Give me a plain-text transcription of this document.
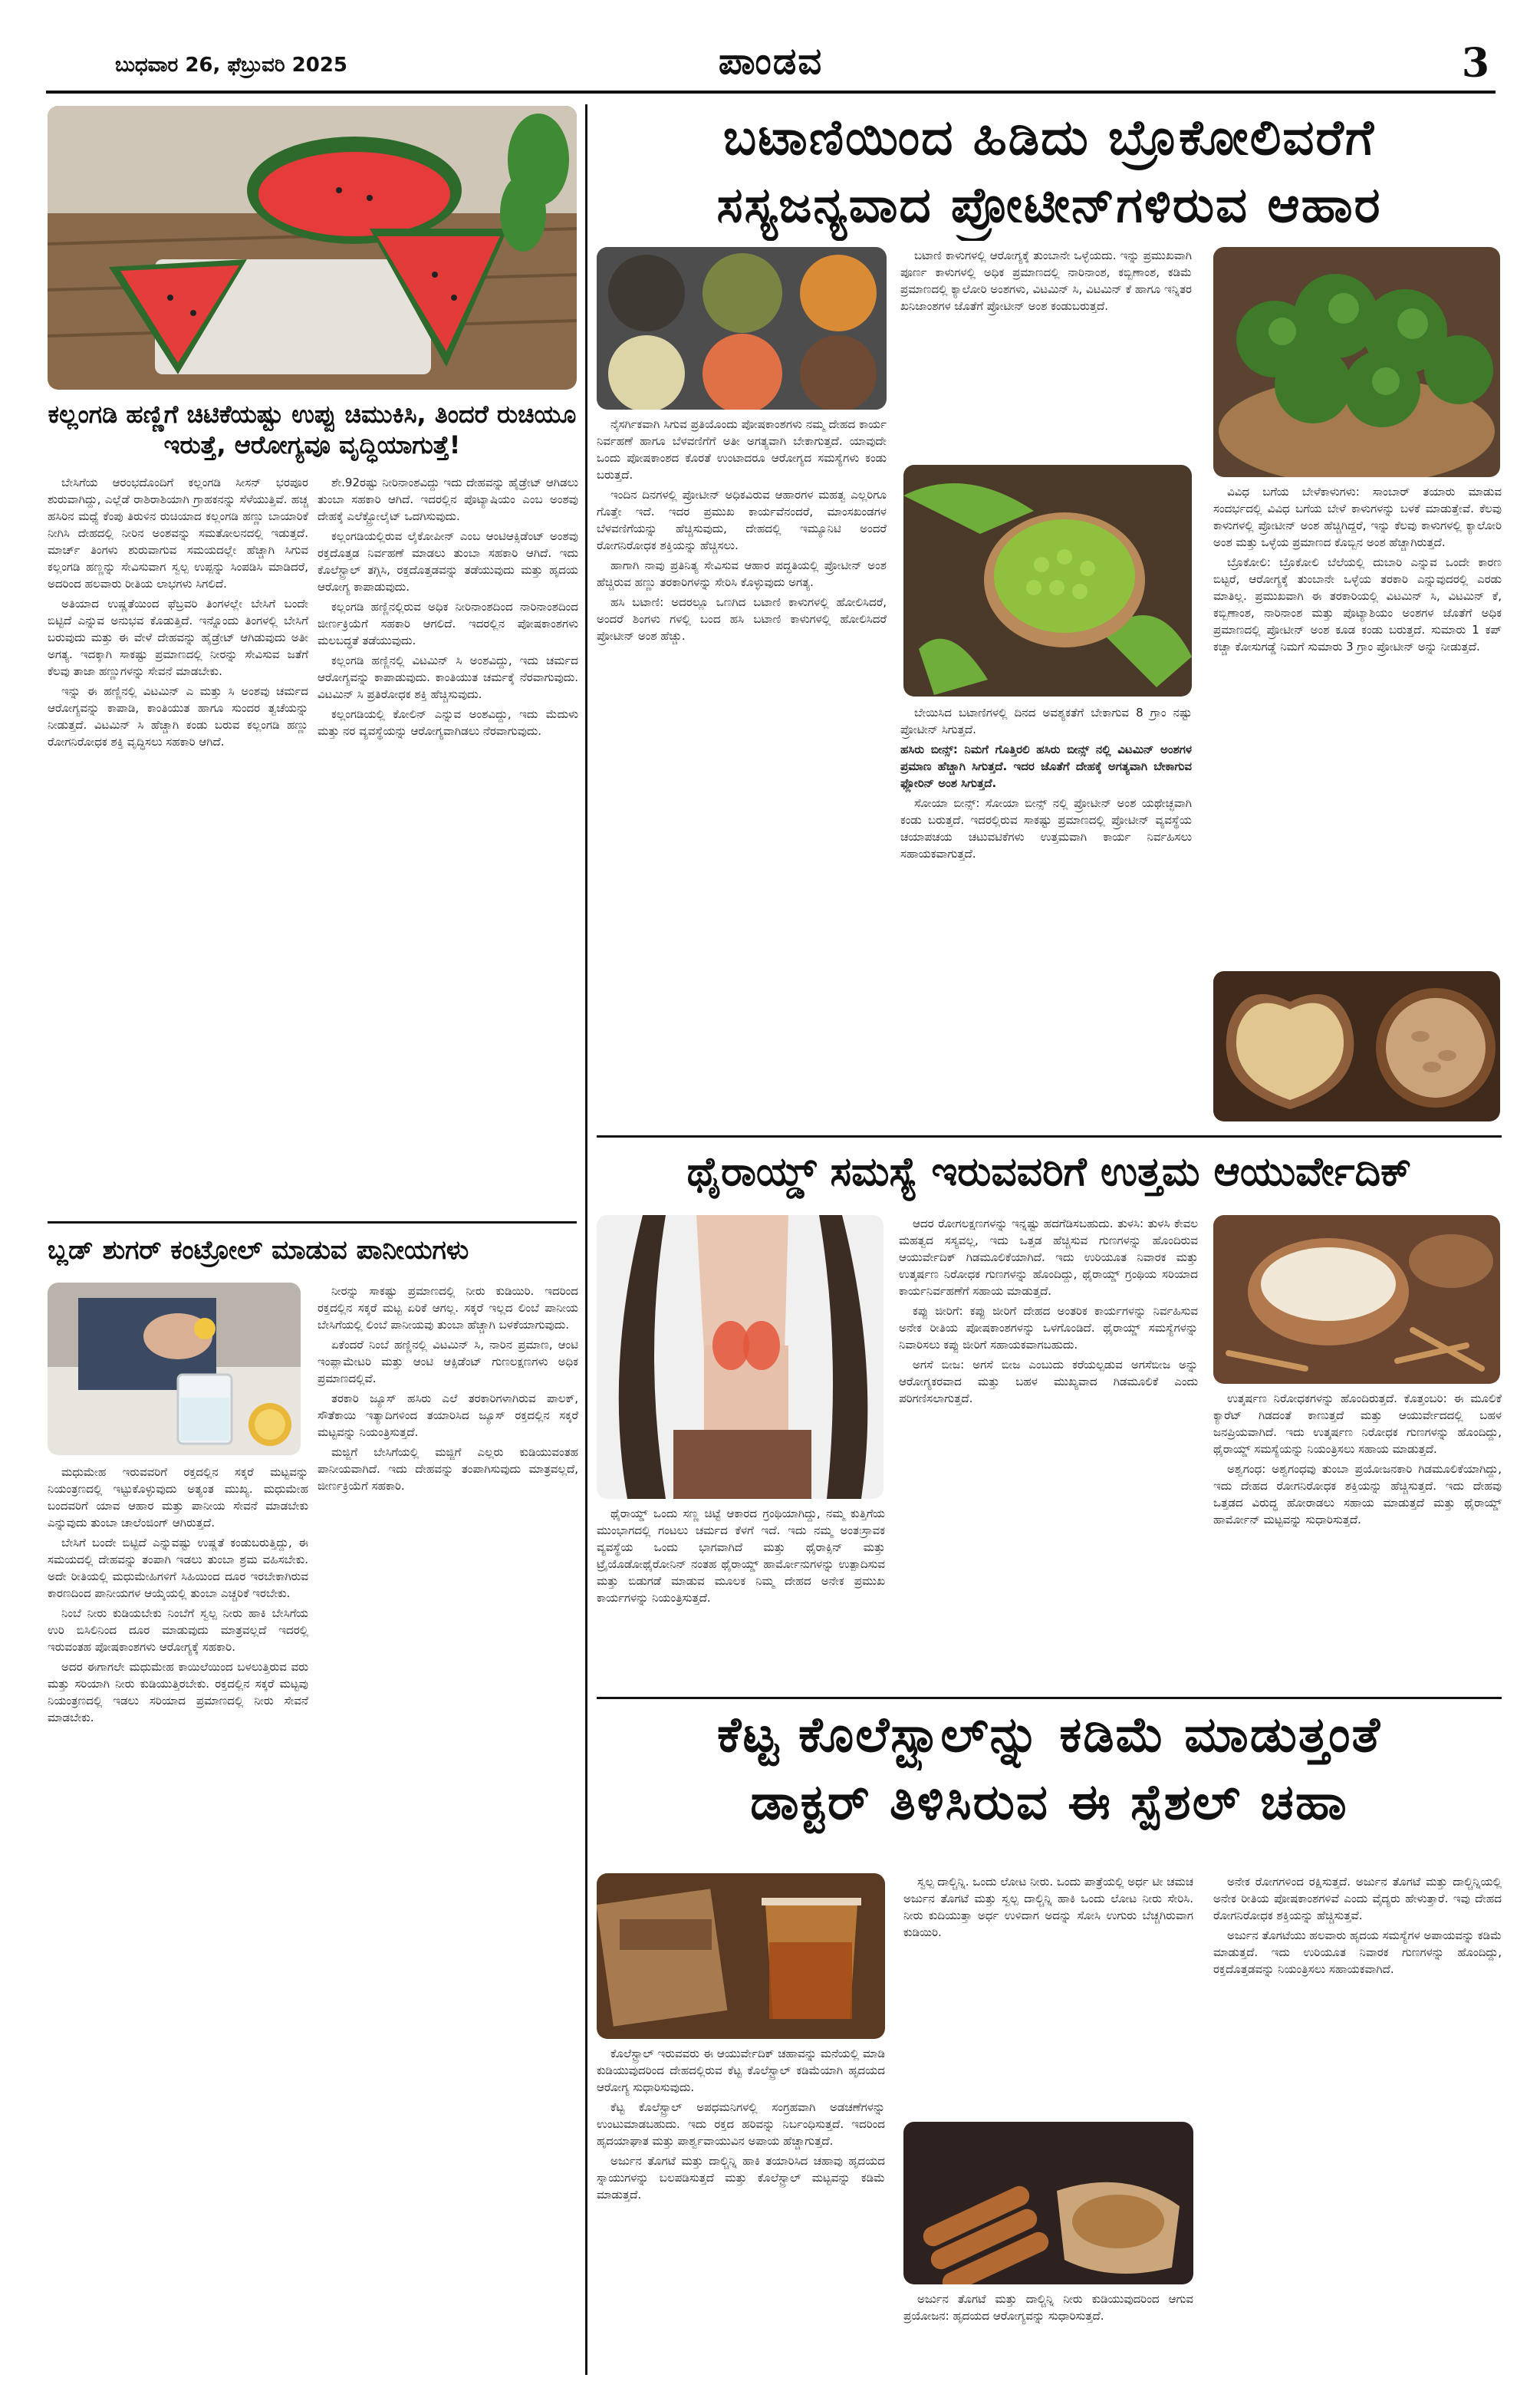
ಬುಧವಾರ 26, ಫೆಬ್ರುವರಿ 2025	ಪಾಂಡವ	3
ಕಲ್ಲಂಗಡಿ ಹಣ್ಣಿಗೆ ಚಿಟಿಕೆಯಷ್ಟು ಉಪ್ಪು ಚಿಮುಕಿಸಿ, ತಿಂದರೆ ರುಚಿಯೂ ಇರುತ್ತೆ, ಆರೋಗ್ಯವೂ ವೃದ್ಧಿಯಾಗುತ್ತೆ!

ಬೇಸಿಗೆಯ ಆರಂಭದೊಂದಿಗೆ ಕಲ್ಲಂಗಡಿ ಸೀಸನ್ ಭರಪೂರ ಶುರುವಾಗಿದ್ದು, ಎಲ್ಲೆಡೆ ರಾಶಿರಾಶಿಯಾಗಿ ಗ್ರಾಹಕನನ್ನು ಸೆಳೆಯುತ್ತಿವೆ. ಹಚ್ಚ ಹಸಿರಿನ ಮಧ್ಯೆ ಕೆಂಪು ತಿರುಳಿನ ರುಚಿಯಾದ ಕಲ್ಲಂಗಡಿ ಹಣ್ಣು ಬಾಯಾರಿಕೆ ನೀಗಿಸಿ ದೇಹದಲ್ಲಿ ನೀರಿನ ಅಂಶವನ್ನು ಸಮತೋಲನದಲ್ಲಿ ಇಡುತ್ತದೆ. ಮಾರ್ಚ್ ತಿಂಗಳು ಶುರುವಾಗುವ ಸಮಯದಲ್ಲೇ ಹೆಚ್ಚಾಗಿ ಸಿಗುವ ಕಲ್ಲಂಗಡಿ ಹಣ್ಣನ್ನು ಸೇವಿಸುವಾಗ ಸ್ವಲ್ಪ ಉಪ್ಪನ್ನು ಸಿಂಪಡಿಸಿ ಮಾಡಿದರೆ, ಅದರಿಂದ ಹಲವಾರು ರೀತಿಯ ಲಾಭಗಳು ಸಿಗಲಿದೆ.

ಅತಿಯಾದ ಉಷ್ಣತೆಯಿಂದ ಫೆಬ್ರವರಿ ತಿಂಗಳಲ್ಲೇ ಬೇಸಿಗೆ ಬಂದೇ ಬಿಟ್ಟಿದೆ ಎನ್ನುವ ಅನುಭವ ಕೊಡುತ್ತಿದೆ. ಇನ್ನೊಂದು ತಿಂಗಳಲ್ಲಿ ಬೇಸಿಗೆ ಬರುವುದು ಮತ್ತು ಈ ವೇಳೆ ದೇಹವನ್ನು ಹೈಡ್ರೇಟ್ ಆಗಿಡುವುದು ಅತೀ ಅಗತ್ಯ. ಇದಕ್ಕಾಗಿ ಸಾಕಷ್ಟು ಪ್ರಮಾಣದಲ್ಲಿ ನೀರನ್ನು ಸೇವಿಸುವ ಜತೆಗೆ ಕೆಲವು ತಾಜಾ ಹಣ್ಣುಗಳನ್ನು ಸೇವನೆ ಮಾಡಬೇಕು.

ಇನ್ನು ಈ ಹಣ್ಣಿನಲ್ಲಿ ವಿಟಮಿನ್ ಎ ಮತ್ತು ಸಿ ಅಂಶವು ಚರ್ಮದ ಆರೋಗ್ಯವನ್ನು ಕಾಪಾಡಿ, ಕಾಂತಿಯುತ ಹಾಗೂ ಸುಂದರ ತ್ವಚೆಯನ್ನು ನೀಡುತ್ತದೆ. ವಿಟಮಿನ್ ಸಿ ಹೆಚ್ಚಾಗಿ ಕಂಡು ಬರುವ ಕಲ್ಲಂಗಡಿ ಹಣ್ಣು ರೋಗನಿರೋಧಕ ಶಕ್ತಿ ವೃದ್ಧಿಸಲು ಸಹಕಾರಿ ಆಗಿದೆ.

ಶೇ.92ರಷ್ಟು ನೀರಿನಾಂಶವಿದ್ದು ಇದು ದೇಹವನ್ನು ಹೈಡ್ರೇಟ್ ಆಗಿಡಲು ತುಂಬಾ ಸಹಕಾರಿ ಆಗಿದೆ. ಇದರಲ್ಲಿನ ಪೊಟ್ಯಾಷಿಯಂ ಎಂಬ ಅಂಶವು ದೇಹಕ್ಕೆ ಎಲೆಕ್ಟ್ರೋಲೈಟ್ ಒದಗಿಸುವುದು.

ಕಲ್ಲಂಗಡಿಯಲ್ಲಿರುವ ಲೈಕೋಪೀನ್ ಎಂಬ ಆಂಟಿಆಕ್ಸಿಡೆಂಟ್ ಅಂಶವು ರಕ್ತದೊತ್ತಡ ನಿರ್ವಹಣೆ ಮಾಡಲು ತುಂಬಾ ಸಹಕಾರಿ ಆಗಿದೆ. ಇದು ಕೊಲೆಸ್ಟ್ರಾಲ್ ತಗ್ಗಿಸಿ, ರಕ್ತದೊತ್ತಡವನ್ನು ತಡೆಯುವುದು ಮತ್ತು ಹೃದಯ ಆರೋಗ್ಯ ಕಾಪಾಡುವುದು.

ಕಲ್ಲಂಗಡಿ ಹಣ್ಣಿನಲ್ಲಿರುವ ಅಧಿಕ ನೀರಿನಾಂಶದಿಂದ ನಾರಿನಾಂಶದಿಂದ ಜೀರ್ಣಕ್ರಿಯೆಗೆ ಸಹಕಾರಿ ಆಗಲಿದೆ. ಇದರಲ್ಲಿನ ಪೋಷಕಾಂಶಗಳು ಮಲಬದ್ಧತೆ ತಡೆಯುವುದು.

ಕಲ್ಲಂಗಡಿ ಹಣ್ಣಿನಲ್ಲಿ ವಿಟಮಿನ್ ಸಿ ಅಂಶವಿದ್ದು, ಇದು ಚರ್ಮದ ಆರೋಗ್ಯವನ್ನು ಕಾಪಾಡುವುದು. ಕಾಂತಿಯುತ ಚರ್ಮಕ್ಕೆ ನೆರವಾಗುವುದು. ವಿಟಮಿನ್ ಸಿ ಪ್ರತಿರೋಧಕ ಶಕ್ತಿ ಹೆಚ್ಚಿಸುವುದು.

ಕಲ್ಲಂಗಡಿಯಲ್ಲಿ ಕೋಲಿನ್ ಎನ್ನುವ ಅಂಶವಿದ್ದು, ಇದು ಮೆದುಳು ಮತ್ತು ನರ ವ್ಯವಸ್ಥೆಯನ್ನು ಆರೋಗ್ಯವಾಗಿಡಲು ನೆರವಾಗುವುದು.

ಬ್ಲಡ್ ಶುಗರ್ ಕಂಟ್ರೋಲ್ ಮಾಡುವ ಪಾನೀಯಗಳು

ಮಧುಮೇಹ ಇರುವವರಿಗೆ ರಕ್ತದಲ್ಲಿನ ಸಕ್ಕರೆ ಮಟ್ಟವನ್ನು ನಿಯಂತ್ರಣದಲ್ಲಿ ಇಟ್ಟುಕೊಳ್ಳುವುದು ಅತ್ಯಂತ ಮುಖ್ಯ. ಮಧುಮೇಹ ಬಂದವರಿಗೆ ಯಾವ ಆಹಾರ ಮತ್ತು ಪಾನೀಯ ಸೇವನೆ ಮಾಡಬೇಕು ಎನ್ನುವುದು ತುಂಬಾ ಚಾಲೆಂಜಿಂಗ್ ಆಗಿರುತ್ತದೆ.

ಬೇಸಿಗೆ ಬಂದೇ ಬಿಟ್ಟಿದೆ ಎನ್ನುವಷ್ಟು ಉಷ್ಣತೆ ಕಂಡುಬರುತ್ತಿದ್ದು, ಈ ಸಮಯದಲ್ಲಿ ದೇಹವನ್ನು ತಂಪಾಗಿ ಇಡಲು ತುಂಬಾ ಶ್ರಮ ವಹಿಸಬೇಕು. ಅದೇ ರೀತಿಯಲ್ಲಿ ಮಧುಮೇಹಿಗಳಿಗೆ ಸಿಹಿಯಿಂದ ದೂರ ಇರಬೇಕಾಗಿರುವ ಕಾರಣದಿಂದ ಪಾನೀಯಗಳ ಆಯ್ಕೆಯಲ್ಲಿ ತುಂಬಾ ಎಚ್ಚರಿಕೆ ಇರಬೇಕು.

ನಿಂಬೆ ನೀರು ಕುಡಿಯಬೇಕು ನಿಂಬೆಗೆ ಸ್ವಲ್ಪ ನೀರು ಹಾಕಿ ಬೇಸಿಗೆಯ ಉರಿ ಬಿಸಿಲಿನಿಂದ ದೂರ ಮಾಡುವುದು ಮಾತ್ರವಲ್ಲದೆ ಇದರಲ್ಲಿ ಇರುವಂತಹ ಪೋಷಕಾಂಶಗಳು ಆರೋಗ್ಯಕ್ಕೆ ಸಹಕಾರಿ.

ಅದರ ಈಗಾಗಲೇ ಮಧುಮೇಹ ಕಾಯಿಲೆಯಿಂದ ಬಳಲುತ್ತಿರುವ ವರು ಮತ್ತು ಸರಿಯಾಗಿ ನೀರು ಕುಡಿಯುತ್ತಿರಬೇಕು. ರಕ್ತದಲ್ಲಿನ ಸಕ್ಕರೆ ಮಟ್ಟವು ನಿಯಂತ್ರಣದಲ್ಲಿ ಇಡಲು ಸರಿಯಾದ ಪ್ರಮಾಣದಲ್ಲಿ ನೀರು ಸೇವನೆ ಮಾಡಬೇಕು.

ನೀರನ್ನು ಸಾಕಷ್ಟು ಪ್ರಮಾಣದಲ್ಲಿ ನೀರು ಕುಡಿಯಿರಿ. ಇದರಿಂದ ರಕ್ತದಲ್ಲಿನ ಸಕ್ಕರೆ ಮಟ್ಟ ಏರಿಕೆ ಆಗಲ್ಲ. ಸಕ್ಕರೆ ಇಲ್ಲದ ಲಿಂಬೆ ಪಾನೀಯ ಬೇಸಿಗೆಯಲ್ಲಿ ಲಿಂಬೆ ಪಾನೀಯವು ತುಂಬಾ ಹೆಚ್ಚಾಗಿ ಬಳಕೆಯಾಗುವುದು.

ಏಕೆಂದರೆ ನಿಂಬೆ ಹಣ್ಣಿನಲ್ಲಿ ವಿಟಮಿನ್ ಸಿ, ನಾರಿನ ಪ್ರಮಾಣ, ಆಂಟಿ ಇಂಪ್ಲಾಮೇಟರಿ ಮತ್ತು ಆಂಟಿ ಆಕ್ಸಿಡೆಂಟ್ ಗುಣಲಕ್ಷಣಗಳು ಅಧಿಕ ಪ್ರಮಾಣದಲ್ಲಿವೆ.

ತರಕಾರಿ ಜ್ಯೂಸ್ ಹಸಿರು ಎಲೆ ತರಕಾರಿಗಳಾಗಿರುವ ಪಾಲಕ್, ಸೌತೆಕಾಯಿ ಇತ್ಯಾದಿಗಳಿಂದ ತಯಾರಿಸಿದ ಜ್ಯೂಸ್ ರಕ್ತದಲ್ಲಿನ ಸಕ್ಕರೆ ಮಟ್ಟವನ್ನು ನಿಯಂತ್ರಿಸುತ್ತದೆ.

ಮಜ್ಜಿಗೆ ಬೇಸಿಗೆಯಲ್ಲಿ ಮಜ್ಜಿಗೆ ಎಲ್ಲರು ಕುಡಿಯುವಂತಹ ಪಾನೀಯವಾಗಿದೆ. ಇದು ದೇಹವನ್ನು ತಂಪಾಗಿಸುವುದು ಮಾತ್ರವಲ್ಲದೆ, ಜೀರ್ಣಕ್ರಿಯೆಗೆ ಸಹಕಾರಿ.

ಬಟಾಣಿಯಿಂದ ಹಿಡಿದು ಬ್ರೊಕೋಲಿವರೆಗೆ
ಸಸ್ಯಜನ್ಯವಾದ ಪ್ರೋಟೀನ್‌ಗಳಿರುವ ಆಹಾರ

ನೈಸರ್ಗಿಕವಾಗಿ ಸಿಗುವ ಪ್ರತಿಯೊಂದು ಪೋಷಕಾಂಶಗಳು ನಮ್ಮ ದೇಹದ ಕಾರ್ಯ ನಿರ್ವಹಣೆ ಹಾಗೂ ಬೆಳವಣಿಗೆಗೆ ಅತೀ ಅಗತ್ಯವಾಗಿ ಬೇಕಾಗುತ್ತದೆ. ಯಾವುದೇ ಒಂದು ಪೋಷಕಾಂಶದ ಕೊರತೆ ಉಂಟಾದರೂ ಆರೋಗ್ಯದ ಸಮಸ್ಯೆಗಳು ಕಂಡು ಬರುತ್ತದೆ.

ಇಂದಿನ ದಿನಗಳಲ್ಲಿ ಪ್ರೋಟೀನ್ ಅಧಿಕವಿರುವ ಆಹಾರಗಳ ಮಹತ್ವ ಎಲ್ಲರಿಗೂ ಗೊತ್ತೇ ಇದೆ. ಇದರ ಪ್ರಮುಖ ಕಾರ್ಯವೆನಂದರೆ, ಮಾಂಸಖಂಡಗಳ ಬೆಳವಣಿಗೆಯನ್ನು ಹೆಚ್ಚಿಸುವುದು, ದೇಹದಲ್ಲಿ ಇಮ್ಯೂನಿಟಿ ಅಂದರೆ ರೋಗನಿರೋಧಕ ಶಕ್ತಿಯನ್ನು ಹೆಚ್ಚಿಸಲು.

ಹಾಗಾಗಿ ನಾವು ಪ್ರತಿನಿತ್ಯ ಸೇವಿಸುವ ಆಹಾರ ಪದ್ಧತಿಯಲ್ಲಿ ಪ್ರೋಟೀನ್ ಅಂಶ ಹೆಚ್ಚಿರುವ ಹಣ್ಣು ತರಕಾರಿಗಳನ್ನು ಸೇರಿಸಿ ಕೊಳ್ಳುವುದು ಅಗತ್ಯ.

ಹಸಿ ಬಟಾಣಿ: ಅದರಲ್ಲೂ ಒಣಗಿದ ಬಟಾಣಿ ಕಾಳುಗಳಲ್ಲಿ ಹೋಲಿಸಿದರೆ, ಅಂದರೆ ಶಿಂಗಳು ಗಳಲ್ಲಿ ಬಂದ ಹಸಿ ಬಟಾಣಿ ಕಾಳುಗಳಲ್ಲಿ ಹೋಲಿಸಿದರೆ ಪ್ರೋಟೀನ್ ಅಂಶ ಹೆಚ್ಚು.

ಬಟಾಣಿ ಕಾಳುಗಳಲ್ಲಿ ಆರೋಗ್ಯಕ್ಕೆ ತುಂಬಾನೇ ಒಳ್ಳೆಯದು. ಇನ್ನು ಪ್ರಮುಖವಾಗಿ ಪೂರ್ಣ ಕಾಳುಗಳಲ್ಲಿ ಅಧಿಕ ಪ್ರಮಾಣದಲ್ಲಿ ನಾರಿನಾಂಶ, ಕಬ್ಬಿಣಾಂಶ, ಕಡಿಮೆ ಪ್ರಮಾಣದಲ್ಲಿ ಕ್ಯಾಲೋರಿ ಅಂಶಗಳು, ವಿಟಮಿನ್ ಸಿ, ವಿಟಮಿನ್ ಕೆ ಹಾಗೂ ಇನ್ನಿತರ ಖನಿಜಾಂಶಗಳ ಜೊತೆಗೆ ಪ್ರೋಟೀನ್ ಅಂಶ ಕಂಡುಬರುತ್ತದೆ.

ಬೇಯಿಸಿದ ಬಟಾಣಿಗಳಲ್ಲಿ ದಿನದ ಅವಶ್ಯಕತೆಗೆ ಬೇಕಾಗುವ 8 ಗ್ರಾಂ ನಷ್ಟು ಪ್ರೋಟೀನ್ ಸಿಗುತ್ತದೆ.

ಹಸಿರು ಬೀನ್ಸ್: ನಿಮಗೆ ಗೊತ್ತಿರಲಿ ಹಸಿರು ಬೀನ್ಸ್ ನಲ್ಲಿ ವಿಟಮಿನ್ ಅಂಶಗಳ ಪ್ರಮಾಣ ಹೆಚ್ಚಾಗಿ ಸಿಗುತ್ತದೆ. ಇದರ ಜೊತೆಗೆ ದೇಹಕ್ಕೆ ಅಗತ್ಯವಾಗಿ ಬೇಕಾಗುವ ಫ್ಲೋರಿನ್ ಅಂಶ ಸಿಗುತ್ತದೆ.

ಸೋಯಾ ಬೀನ್ಸ್: ಸೋಯಾ ಬೀನ್ಸ್ ನಲ್ಲಿ ಪ್ರೋಟೀನ್ ಅಂಶ ಯಥೇಚ್ಛವಾಗಿ ಕಂಡು ಬರುತ್ತದೆ. ಇದರಲ್ಲಿರುವ ಸಾಕಷ್ಟು ಪ್ರಮಾಣದಲ್ಲಿ ಪ್ರೋಟೀನ್ ವ್ಯವಸ್ಥೆಯ ಚಯಾಪಚಯ ಚಟುವಟಿಕೆಗಳು ಉತ್ತಮವಾಗಿ ಕಾರ್ಯ ನಿರ್ವಹಿಸಲು ಸಹಾಯಕವಾಗುತ್ತದೆ.

ವಿವಿಧ ಬಗೆಯ ಬೇಳೆಕಾಳುಗಳು: ಸಾಂಬಾರ್ ತಯಾರು ಮಾಡುವ ಸಂದರ್ಭದಲ್ಲಿ ವಿವಿಧ ಬಗೆಯ ಬೇಳೆ ಕಾಳುಗಳನ್ನು ಬಳಕೆ ಮಾಡುತ್ತೇವೆ. ಕೆಲವು ಕಾಳುಗಳಲ್ಲಿ ಪ್ರೋಟೀನ್ ಅಂಶ ಹೆಚ್ಚಿಗಿದ್ದರೆ, ಇನ್ನು ಕೆಲವು ಕಾಳುಗಳಲ್ಲಿ ಕ್ಯಾಲೋರಿ ಅಂಶ ಮತ್ತು ಒಳ್ಳೆಯ ಪ್ರಮಾಣದ ಕೊಬ್ಬಿನ ಅಂಶ ಹೆಚ್ಚಾಗಿರುತ್ತದೆ.

ಬ್ರೊಕೋಲಿ: ಬ್ರೊಕೋಲಿ ಬೆಲೆಯಲ್ಲಿ ದುಬಾರಿ ಎನ್ನುವ ಒಂದೇ ಕಾರಣ ಬಿಟ್ಟರೆ, ಆರೋಗ್ಯಕ್ಕೆ ತುಂಬಾನೇ ಒಳ್ಳೆಯ ತರಕಾರಿ ಎನ್ನುವುದರಲ್ಲಿ ಎರಡು ಮಾತಿಲ್ಲ. ಪ್ರಮುಖವಾಗಿ ಈ ತರಕಾರಿಯಲ್ಲಿ ವಿಟಮಿನ್ ಸಿ, ವಿಟಮಿನ್ ಕೆ, ಕಬ್ಬಿಣಾಂಶ, ನಾರಿನಾಂಶ ಮತ್ತು ಪೊಟ್ಯಾಶಿಯಂ ಅಂಶಗಳ ಜೊತೆಗೆ ಅಧಿಕ ಪ್ರಮಾಣದಲ್ಲಿ ಪ್ರೋಟೀನ್ ಅಂಶ ಕೂಡ ಕಂಡು ಬರುತ್ತದೆ. ಸುಮಾರು 1 ಕಪ್ ಕಚ್ಚಾ ಕೋಸುಗಡ್ಡೆ ನಿಮಗೆ ಸುಮಾರು 3 ಗ್ರಾಂ ಪ್ರೋಟೀನ್ ಅನ್ನು ನೀಡುತ್ತದೆ.

ಥೈರಾಯ್ಡ್ ಸಮಸ್ಯೆ ಇರುವವರಿಗೆ ಉತ್ತಮ ಆಯುರ್ವೇದಿಕ್

ಆದರ ರೋಗಲಕ್ಷಣಗಳನ್ನು ಇನ್ನಷ್ಟು ಹದಗೆಡಿಸಬಹುದು. ತುಳಸಿ: ತುಳಸಿ ಕೇವಲ ಮಹತ್ವದ ಸಸ್ಯವಲ್ಲ, ಇದು ಒತ್ತಡ ಹೆಚ್ಚಿಸುವ ಗುಣಗಳನ್ನು ಹೊಂದಿರುವ ಆಯುರ್ವೇದಿಕ್ ಗಿಡಮೂಲಿಕೆಯಾಗಿದೆ. ಇದು ಉರಿಯೂತ ನಿವಾರಕ ಮತ್ತು ಉತ್ಕರ್ಷಣ ನಿರೋಧಕ ಗುಣಗಳನ್ನು ಹೊಂದಿದ್ದು, ಥೈರಾಯ್ಡ್ ಗ್ರಂಥಿಯ ಸರಿಯಾದ ಕಾರ್ಯನಿರ್ವಹಣೆಗೆ ಸಹಾಯ ಮಾಡುತ್ತದೆ.

ಕಪ್ಪು ಜೀರಿಗೆ: ಕಪ್ಪು ಜೀರಿಗೆ ದೇಹದ ಅಂತರಿಕ ಕಾರ್ಯಗಳನ್ನು ನಿರ್ವಹಿಸುವ ಅನೇಕ ರೀತಿಯ ಪೋಷಕಾಂಶಗಳನ್ನು ಒಳಗೊಂಡಿದೆ. ಥೈರಾಯ್ಡ್ ಸಮಸ್ಯೆಗಳನ್ನು ನಿವಾರಿಸಲು ಕಪ್ಪು ಜೀರಿಗೆ ಸಹಾಯಕವಾಗಬಹುದು.

ಅಗಸೆ ಬೀಜ: ಅಗಸೆ ಬೀಜ ಎಂಬುದು ಕರೆಯಲ್ಪಡುವ ಅಗಸೆಬೀಜ ಅನ್ನು ಆರೋಗ್ಯಕರವಾದ ಮತ್ತು ಬಹಳ ಮುಖ್ಯವಾದ ಗಿಡಮೂಲಿಕೆ ಎಂದು ಪರಿಗಣಿಸಲಾಗುತ್ತದೆ.

ಥೈರಾಯ್ಡ್ ಒಂದು ಸಣ್ಣ ಚಿಟ್ಟೆ ಆಕಾರದ ಗ್ರಂಥಿಯಾಗಿದ್ದು, ನಮ್ಮ ಕುತ್ತಿಗೆಯ ಮುಂಭಾಗದಲ್ಲಿ ಗಂಟಲು ಚರ್ಮದ ಕೆಳಗೆ ಇದೆ. ಇದು ನಮ್ಮ ಅಂತಃಸ್ರಾವಕ ವ್ಯವಸ್ಥೆಯ ಒಂದು ಭಾಗವಾಗಿದೆ ಮತ್ತು ಥೈರಾಕ್ಸಿನ್ ಮತ್ತು ಟ್ರೈಯೊಡೋಥೈರೋನಿನ್ ನಂತಹ ಥೈರಾಯ್ಡ್ ಹಾರ್ಮೋನುಗಳನ್ನು ಉತ್ಪಾದಿಸುವ ಮತ್ತು ಬಿಡುಗಡೆ ಮಾಡುವ ಮೂಲಕ ನಿಮ್ಮ ದೇಹದ ಅನೇಕ ಪ್ರಮುಖ ಕಾರ್ಯಗಳನ್ನು ನಿಯಂತ್ರಿಸುತ್ತದೆ.

ಉತ್ಕರ್ಷಣ ನಿರೋಧಕಗಳನ್ನು ಹೊಂದಿರುತ್ತದೆ. ಕೊತ್ತಂಬರಿ: ಈ ಮೂಲಿಕೆ ಕ್ಯಾರೆಟ್ ಗಿಡದಂತೆ ಕಾಣುತ್ತದೆ ಮತ್ತು ಆಯುರ್ವೇದದಲ್ಲಿ ಬಹಳ ಜನಪ್ರಿಯವಾಗಿದೆ. ಇದು ಉತ್ಕರ್ಷಣ ನಿರೋಧಕ ಗುಣಗಳನ್ನು ಹೊಂದಿದ್ದು, ಥೈರಾಯ್ಡ್ ಸಮಸ್ಯೆಯನ್ನು ನಿಯಂತ್ರಿಸಲು ಸಹಾಯ ಮಾಡುತ್ತದೆ.

ಅಶ್ವಗಂಧ: ಅಶ್ವಗಂಧವು ತುಂಬಾ ಪ್ರಯೋಜನಕಾರಿ ಗಿಡಮೂಲಿಕೆಯಾಗಿದ್ದು, ಇದು ದೇಹದ ರೋಗನಿರೋಧಕ ಶಕ್ತಿಯನ್ನು ಹೆಚ್ಚಿಸುತ್ತದೆ. ಇದು ದೇಹವು ಒತ್ತಡದ ವಿರುದ್ಧ ಹೋರಾಡಲು ಸಹಾಯ ಮಾಡುತ್ತದೆ ಮತ್ತು ಥೈರಾಯ್ಡ್ ಹಾರ್ಮೋನ್ ಮಟ್ಟವನ್ನು ಸುಧಾರಿಸುತ್ತದೆ.

ಕೆಟ್ಟ ಕೊಲೆಸ್ಟ್ರಾಲ್‌ನ್ನು ಕಡಿಮೆ ಮಾಡುತ್ತಂತೆ
ಡಾಕ್ಟರ್ ತಿಳಿಸಿರುವ ಈ ಸ್ಪೆಶಲ್ ಚಹಾ

ಕೊಲೆಸ್ಟ್ರಾಲ್ ಇರುವವರು ಈ ಆಯುರ್ವೇದಿಕ್ ಚಹಾವನ್ನು ಮನೆಯಲ್ಲಿ ಮಾಡಿ ಕುಡಿಯುವುದರಿಂದ ದೇಹದಲ್ಲಿರುವ ಕೆಟ್ಟ ಕೊಲೆಸ್ಟ್ರಾಲ್ ಕಡಿಮೆಯಾಗಿ ಹೃದಯದ ಆರೋಗ್ಯ ಸುಧಾರಿಸುವುದು.

ಕೆಟ್ಟ ಕೊಲೆಸ್ಟ್ರಾಲ್ ಅಪಧಮನಿಗಳಲ್ಲಿ ಸಂಗ್ರಹವಾಗಿ ಅಡಚಣೆಗಳನ್ನು ಉಂಟುಮಾಡಬಹುದು. ಇದು ರಕ್ತದ ಹರಿವನ್ನು ನಿರ್ಬಂಧಿಸುತ್ತದೆ. ಇದರಿಂದ ಹೃದಯಾಘಾತ ಮತ್ತು ಪಾರ್ಶ್ವವಾಯುವಿನ ಅಪಾಯ ಹೆಚ್ಚಾಗುತ್ತದೆ.

ಅರ್ಜುನ ತೊಗಟೆ ಮತ್ತು ದಾಲ್ಚಿನ್ನಿ ಹಾಕಿ ತಯಾರಿಸಿದ ಚಹಾವು ಹೃದಯದ ಸ್ನಾಯುಗಳನ್ನು ಬಲಪಡಿಸುತ್ತದೆ ಮತ್ತು ಕೊಲೆಸ್ಟ್ರಾಲ್ ಮಟ್ಟವನ್ನು ಕಡಿಮೆ ಮಾಡುತ್ತದೆ.

ಸ್ವಲ್ಪ ದಾಲ್ಚಿನ್ನಿ. ಒಂದು ಲೋಟ ನೀರು. ಒಂದು ಪಾತ್ರೆಯಲ್ಲಿ ಅರ್ಧ ಟೀ ಚಮಚ ಅರ್ಜುನ ತೊಗಟೆ ಮತ್ತು ಸ್ವಲ್ಪ ದಾಲ್ಚಿನ್ನಿ ಹಾಕಿ ಒಂದು ಲೋಟ ನೀರು ಸೇರಿಸಿ. ನೀರು ಕುದಿಯುತ್ತಾ ಅರ್ಧ ಉಳಿದಾಗ ಅದನ್ನು ಸೋಸಿ ಉಗುರು ಬೆಚ್ಚಗಿರುವಾಗ ಕುಡಿಯಿರಿ.

ಅರ್ಜುನ ತೊಗಟೆ ಮತ್ತು ದಾಲ್ಚಿನ್ನಿ ನೀರು ಕುಡಿಯುವುದರಿಂದ ಆಗುವ ಪ್ರಯೋಜನ: ಹೃದಯದ ಆರೋಗ್ಯವನ್ನು ಸುಧಾರಿಸುತ್ತದೆ.

ಅನೇಕ ರೋಗಗಳಿಂದ ರಕ್ಷಿಸುತ್ತದೆ. ಅರ್ಜುನ ತೊಗಟೆ ಮತ್ತು ದಾಲ್ಚಿನ್ನಿಯಲ್ಲಿ ಅನೇಕ ರೀತಿಯ ಪೋಷಕಾಂಶಗಳಿವೆ ಎಂದು ವೈದ್ಯರು ಹೇಳುತ್ತಾರೆ. ಇವು ದೇಹದ ರೋಗನಿರೋಧಕ ಶಕ್ತಿಯನ್ನು ಹೆಚ್ಚಿಸುತ್ತವೆ.

ಅರ್ಜುನ ತೊಗಟೆಯು ಹಲವಾರು ಹೃದಯ ಸಮಸ್ಯೆಗಳ ಅಪಾಯವನ್ನು ಕಡಿಮೆ ಮಾಡುತ್ತದೆ. ಇದು ಉರಿಯೂತ ನಿವಾರಕ ಗುಣಗಳನ್ನು ಹೊಂದಿದ್ದು, ರಕ್ತದೊತ್ತಡವನ್ನು ನಿಯಂತ್ರಿಸಲು ಸಹಾಯಕವಾಗಿದೆ.
